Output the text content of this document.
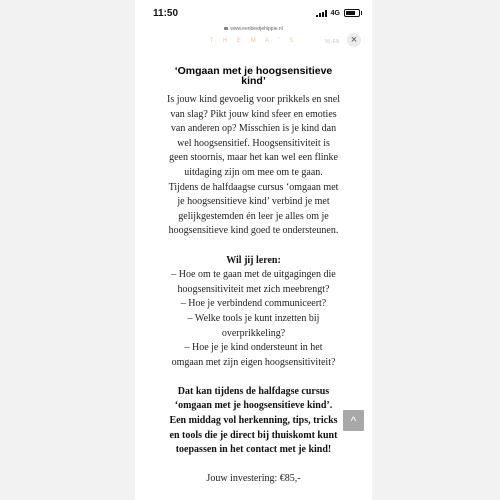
11:50	4G
www.eenbeetjehippie.nl
T H E M A ' S	NL EN	×
‘Omgaan met je hoogsensitieve
kind’
Is jouw kind gevoelig voor prikkels en snel
van slag? Pikt jouw kind sfeer en emoties
van anderen op? Misschien is je kind dan
wel hoogsensitief. Hoogsensitiviteit is
geen stoornis, maar het kan wel een flinke
uitdaging zijn om mee om te gaan.
Tijdens de halfdaagse cursus ‘omgaan met
je hoogsensitieve kind’ verbind je met
gelijkgestemden én leer je alles om je
hoogsensitieve kind goed te ondersteunen.
Wil jij leren:
– Hoe om te gaan met de uitgagingen die
hoogsensitiviteit met zich meebrengt?
– Hoe je verbindend communiceert?
– Welke tools je kunt inzetten bij
overprikkeling?
– Hoe je je kind ondersteunt in het
omgaan met zijn eigen hoogsensitiviteit?
Dat kan tijdens de halfdagse cursus
‘omgaan met je hoogsensitieve kind’.
Een middag vol herkenning, tips, tricks
en tools die je direct bij thuiskomt kunt
toepassen in het contact met je kind!
Jouw investering: €85,-
^
